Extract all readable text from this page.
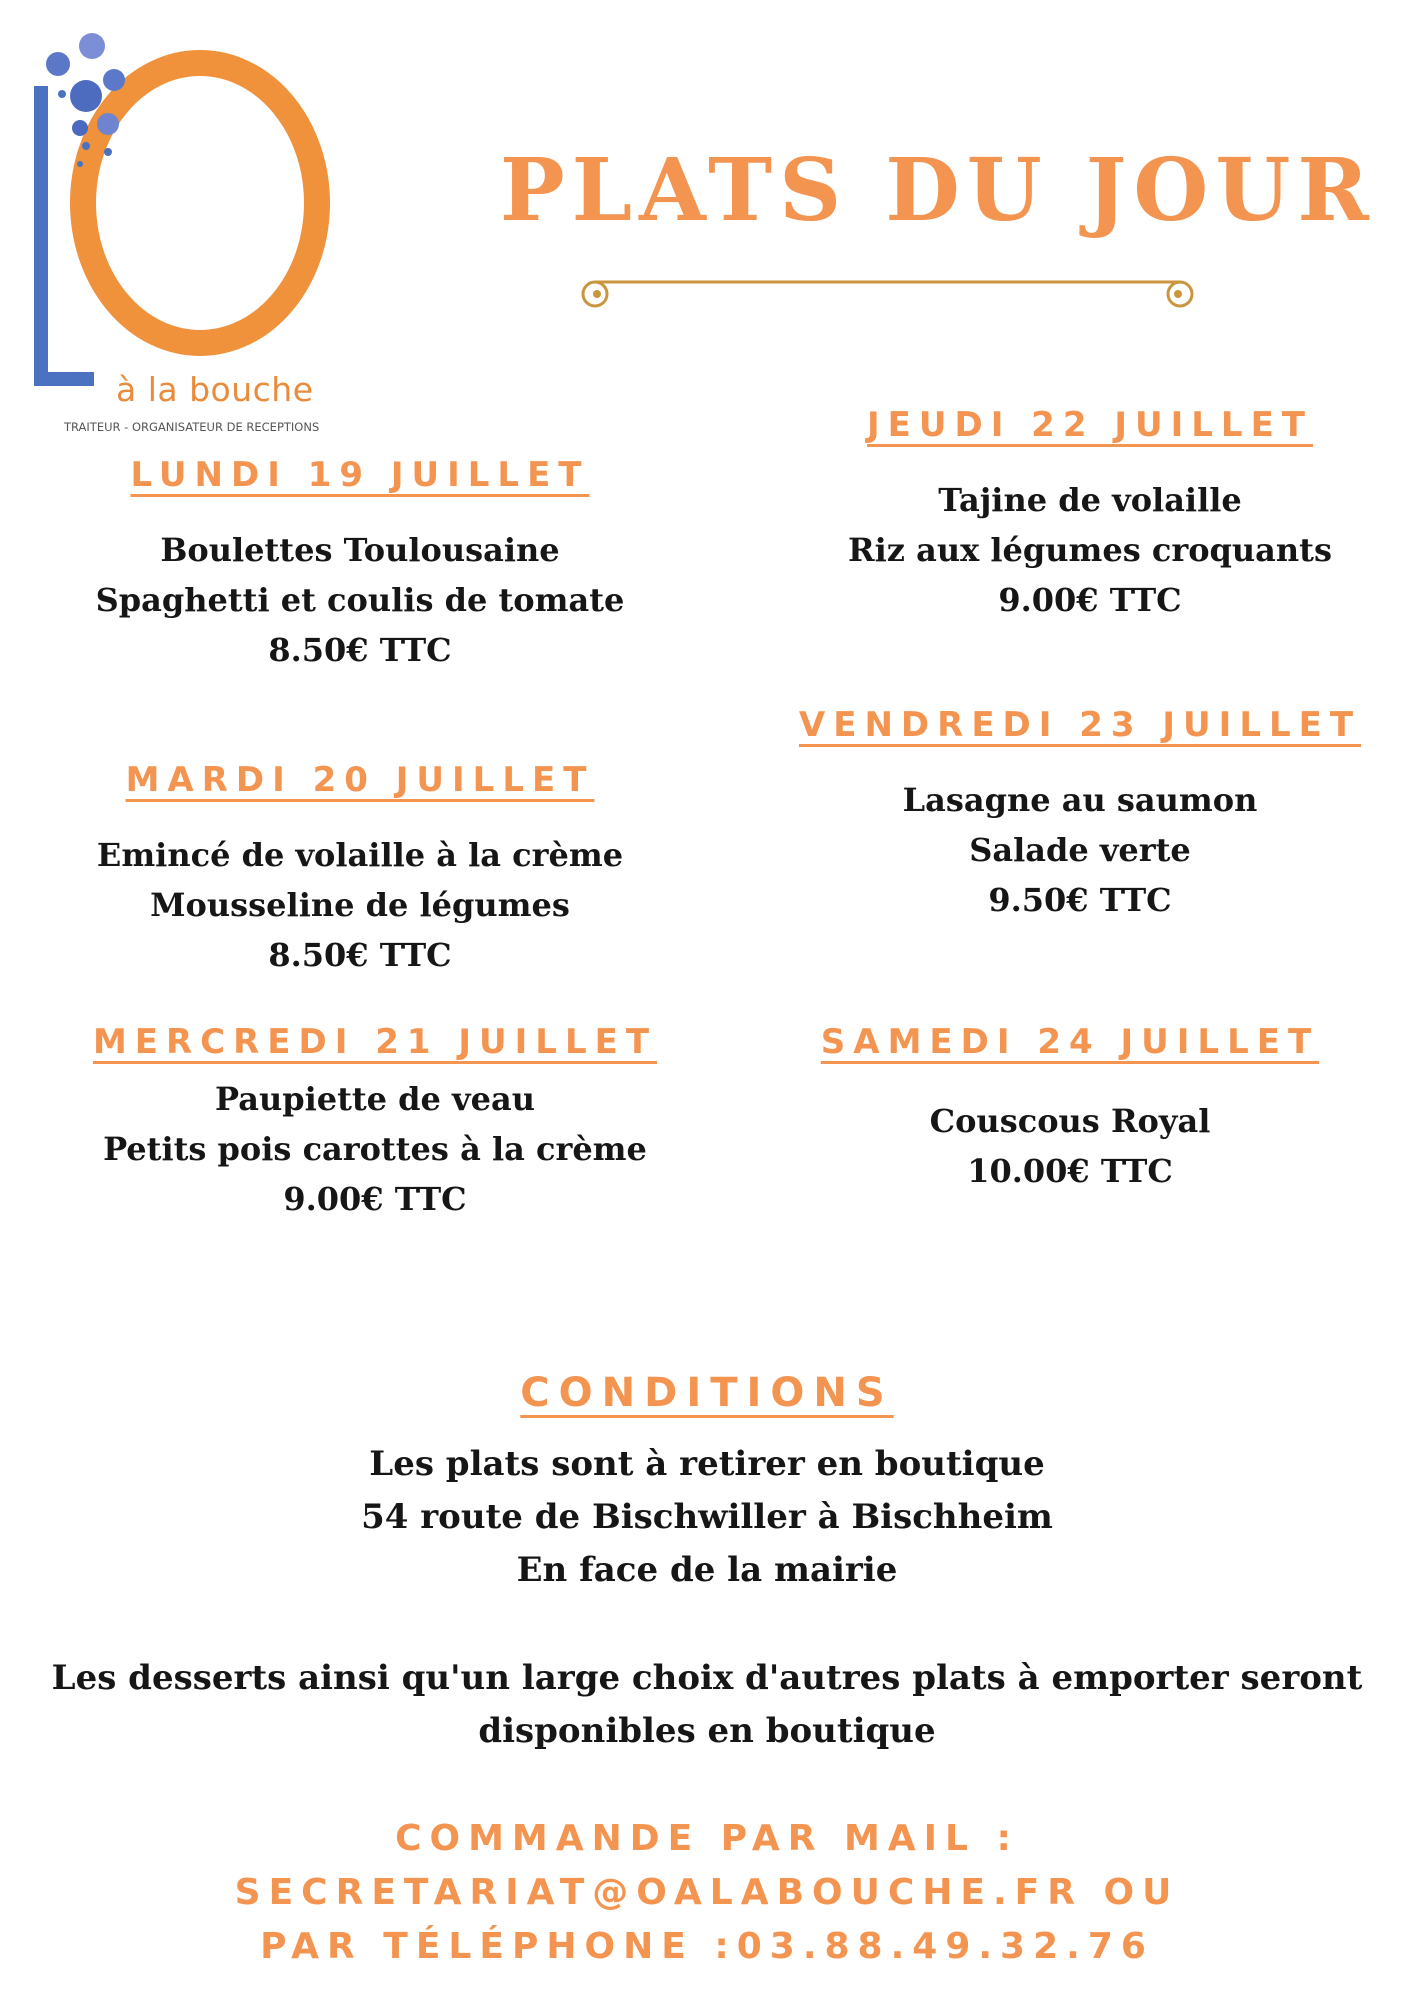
à la bouche
TRAITEUR - ORGANISATEUR DE RECEPTIONS
PLATS DU JOUR
LUNDI 19 JUILLET
Boulettes Toulousaine
Spaghetti et coulis de tomate
8.50€ TTC
MARDI 20 JUILLET
Emincé de volaille à la crème
Mousseline de légumes
8.50€ TTC
MERCREDI 21 JUILLET
Paupiette de veau
Petits pois carottes à la crème
9.00€ TTC
JEUDI 22 JUILLET
Tajine de volaille
Riz aux légumes croquants
9.00€ TTC
VENDREDI 23 JUILLET
Lasagne au saumon
Salade verte
9.50€ TTC
SAMEDI 24 JUILLET
Couscous Royal
10.00€ TTC
CONDITIONS
Les plats sont à retirer en boutique
54 route de Bischwiller à Bischheim
En face de la mairie
Les desserts ainsi qu'un large choix d'autres plats à emporter seront
disponibles en boutique
COMMANDE PAR MAIL :
SECRETARIAT@OALABOUCHE.FR OU
PAR TÉLÉPHONE :03.88.49.32.76
